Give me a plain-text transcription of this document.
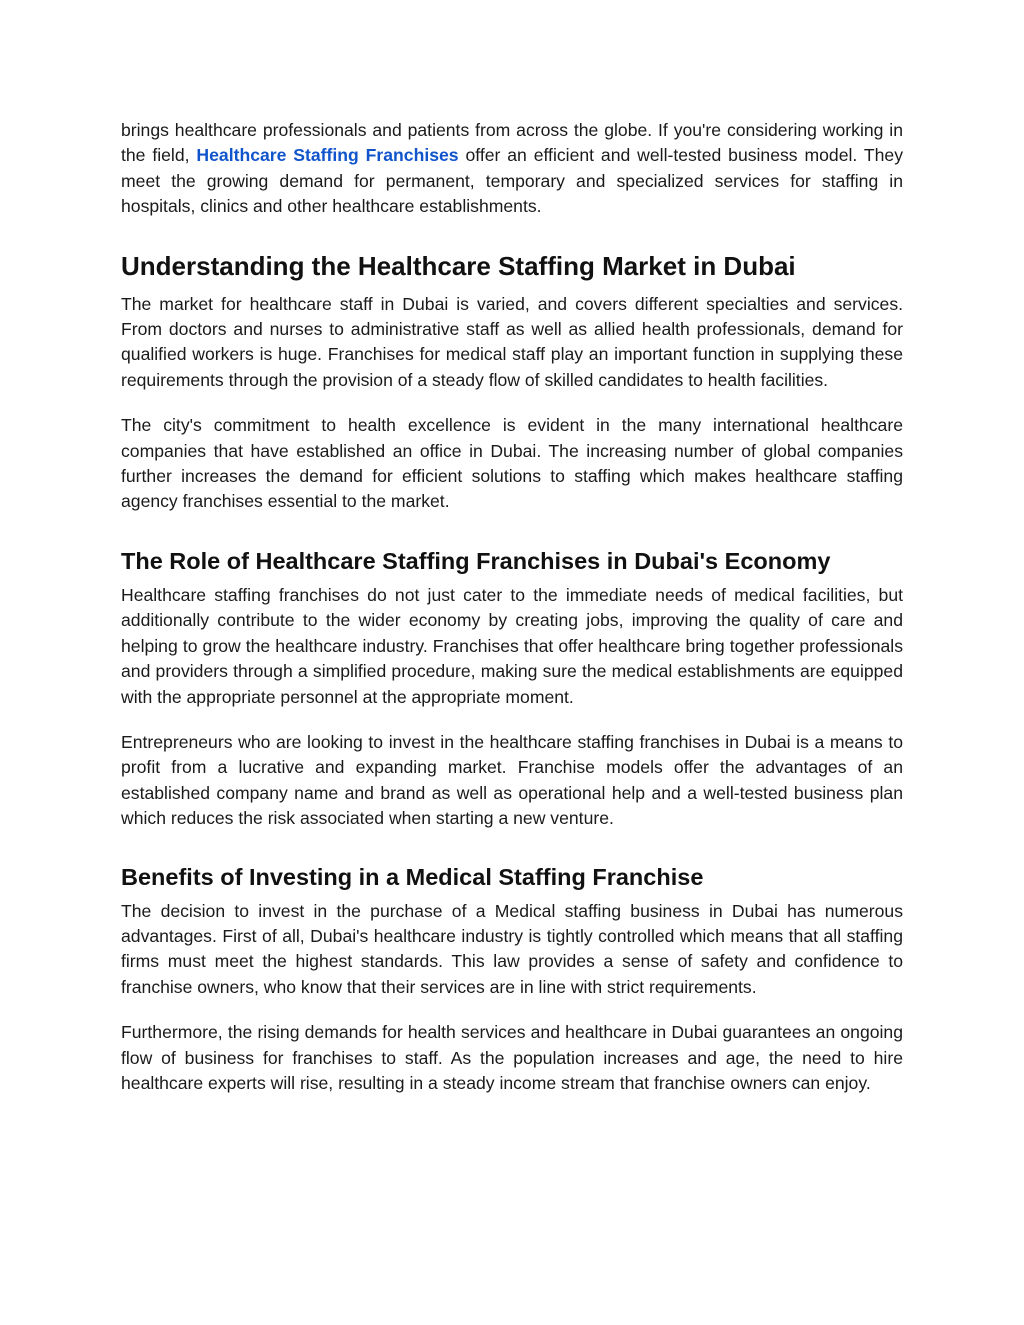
brings healthcare professionals and patients from across the globe. If you're considering working in the field, Healthcare Staffing Franchises offer an efficient and well-tested business model. They meet the growing demand for permanent, temporary and specialized services for staffing in hospitals, clinics and other healthcare establishments.

Understanding the Healthcare Staffing Market in Dubai

The market for healthcare staff in Dubai is varied, and covers different specialties and services. From doctors and nurses to administrative staff as well as allied health professionals, demand for qualified workers is huge. Franchises for medical staff play an important function in supplying these requirements through the provision of a steady flow of skilled candidates to health facilities.

The city's commitment to health excellence is evident in the many international healthcare companies that have established an office in Dubai. The increasing number of global companies further increases the demand for efficient solutions to staffing which makes healthcare staffing agency franchises essential to the market.

The Role of Healthcare Staffing Franchises in Dubai's Economy

Healthcare staffing franchises do not just cater to the immediate needs of medical facilities, but additionally contribute to the wider economy by creating jobs, improving the quality of care and helping to grow the healthcare industry. Franchises that offer healthcare bring together professionals and providers through a simplified procedure, making sure the medical establishments are equipped with the appropriate personnel at the appropriate moment.

Entrepreneurs who are looking to invest in the healthcare staffing franchises in Dubai is a means to profit from a lucrative and expanding market. Franchise models offer the advantages of an established company name and brand as well as operational help and a well-tested business plan which reduces the risk associated when starting a new venture.

Benefits of Investing in a Medical Staffing Franchise

The decision to invest in the purchase of a Medical staffing business in Dubai has numerous advantages. First of all, Dubai's healthcare industry is tightly controlled which means that all staffing firms must meet the highest standards. This law provides a sense of safety and confidence to franchise owners, who know that their services are in line with strict requirements.

Furthermore, the rising demands for health services and healthcare in Dubai guarantees an ongoing flow of business for franchises to staff. As the population increases and age, the need to hire healthcare experts will rise, resulting in a steady income stream that franchise owners can enjoy.
